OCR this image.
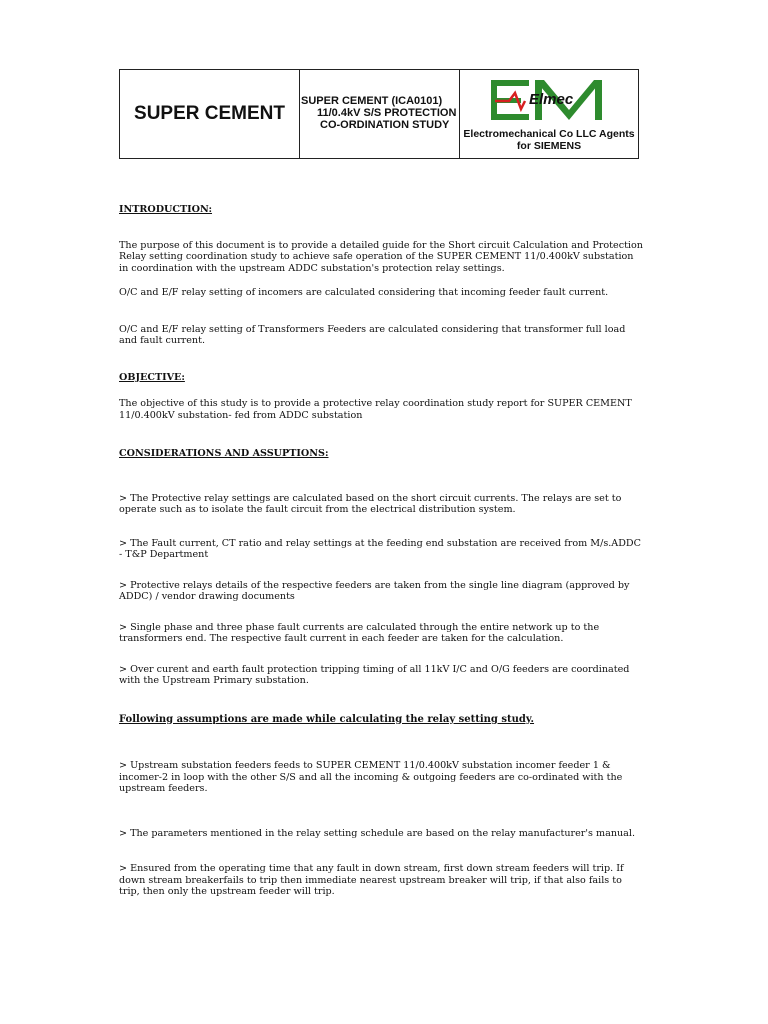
SUPER CEMENT
SUPER CEMENT (ICA0101)
11/0.4kV S/S PROTECTION
CO-ORDINATION STUDY
Elmec
Electromechanical Co LLC Agents
for SIEMENS

INTRODUCTION:

The purpose of this document is to provide a detailed guide for the Short circuit Calculation and Protection Relay setting coordination study to achieve safe operation of the SUPER CEMENT 11/0.400kV substation in coordination with the upstream ADDC substation's protection relay settings.

O/C and E/F relay setting of incomers are calculated considering that incoming feeder fault current.

O/C and E/F relay setting of Transformers Feeders are calculated considering that transformer full load and fault current.

OBJECTIVE:

The objective of this study is to provide a protective relay coordination study report for SUPER CEMENT 11/0.400kV substation- fed from ADDC substation

CONSIDERATIONS AND ASSUPTIONS:

> The Protective relay settings are calculated based on the short circuit currents. The relays are set to operate such as to isolate the fault circuit from the electrical distribution system.

> The Fault current, CT ratio and relay settings at the feeding end substation are received from M/s.ADDC - T&P Department

> Protective relays details of the respective feeders are taken from the single line diagram (approved by ADDC) / vendor drawing documents

> Single phase and three phase fault currents are calculated through the entire network up to the transformers end. The respective fault current in each feeder are taken for the calculation.

> Over curent and earth fault protection tripping timing of all 11kV I/C and O/G feeders are coordinated with the Upstream Primary substation.

Following assumptions are made while calculating the relay setting study.

> Upstream substation feeders feeds to SUPER CEMENT 11/0.400kV substation incomer feeder 1 & incomer-2 in loop with the other S/S and all the incoming & outgoing feeders are co-ordinated with the upstream feeders.

> The parameters mentioned in the relay setting schedule are based on the relay manufacturer's manual.

> Ensured from the operating time that any fault in down stream, first down stream feeders will trip. If down stream breakerfails to trip then immediate nearest upstream breaker will trip, if that also fails to trip, then only the upstream feeder will trip.
